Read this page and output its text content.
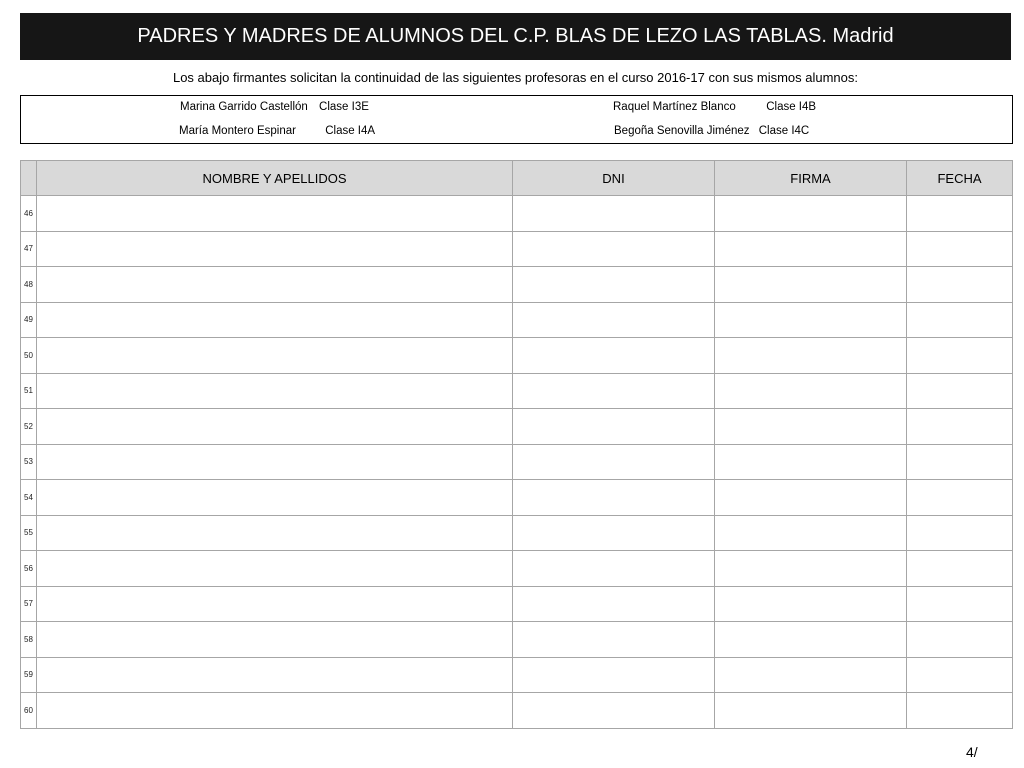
PADRES Y MADRES DE ALUMNOS DEL C.P. BLAS DE LEZO LAS TABLAS. Madrid
Los abajo firmantes solicitan la continuidad de las siguientes profesoras en el curso 2016-17 con sus mismos alumnos:
Marina Garrido Castellón Clase I3E	Raquel Martínez Blanco	Clase I4B
María Montero Espinar	Clase I4A	Begoña Senovilla Jiménez Clase I4C
	NOMBRE Y APELLIDOS	DNI	FIRMA	FECHA
46				
47				
48				
49				
50				
51				
52				
53				
54				
55				
56				
57				
58				
59				
60				
4/
